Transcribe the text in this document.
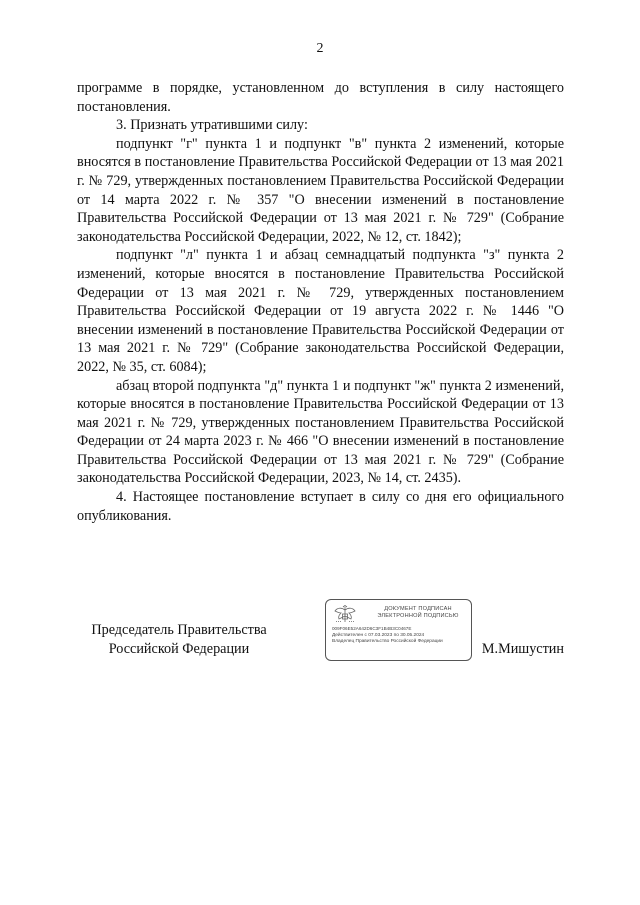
2

программе в порядке, установленном до вступления в силу настоящего постановления.

3. Признать утратившими силу:

подпункт "г" пункта 1 и подпункт "в" пункта 2 изменений, которые вносятся в постановление Правительства Российской Федерации от 13 мая 2021 г. № 729, утвержденных постановлением Правительства Российской Федерации от 14 марта 2022 г. № 357 "О внесении изменений в постановление Правительства Российской Федерации от 13 мая 2021 г. № 729" (Собрание законодательства Российской Федерации, 2022, № 12, ст. 1842);

подпункт "л" пункта 1 и абзац семнадцатый подпункта "з" пункта 2 изменений, которые вносятся в постановление Правительства Российской Федерации от 13 мая 2021 г. № 729, утвержденных постановлением Правительства Российской Федерации от 19 августа 2022 г. № 1446 "О внесении изменений в постановление Правительства Российской Федерации от 13 мая 2021 г. № 729" (Собрание законодательства Российской Федерации, 2022, № 35, ст. 6084);

абзац второй подпункта "д" пункта 1 и подпункт "ж" пункта 2 изменений, которые вносятся в постановление Правительства Российской Федерации от 13 мая 2021 г. № 729, утвержденных постановлением Правительства Российской Федерации от 24 марта 2023 г. № 466 "О внесении изменений в постановление Правительства Российской Федерации от 13 мая 2021 г. № 729" (Собрание законодательства Российской Федерации, 2023, № 14, ст. 2435).

4. Настоящее постановление вступает в силу со дня его официального опубликования.

Председатель Правительства
Российской Федерации
ДОКУМЕНТ ПОДПИСАН
ЭЛЕКТРОННОЙ ПОДПИСЬЮ
009F06E52A642D6C3F1B4B3C0467E
Действителен с 07.03.2023 по 30.05.2024
Владелец Правительство Российской Федерации	М.Мишустин
